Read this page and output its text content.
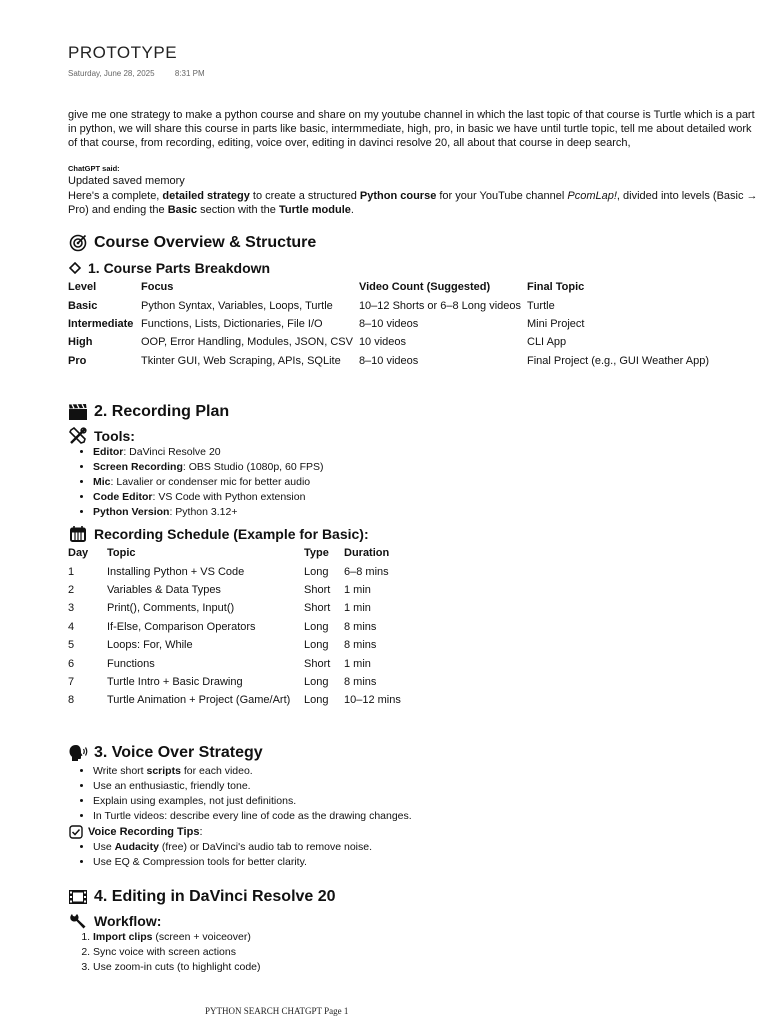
PROTOTYPE
Saturday, June 28, 2025	8:31 PM
give me one strategy to make a python course and share on my youtube channel in which the last topic of that course is Turtle which is a part in python, we will share this course in parts like basic, intermmediate, high, pro, in basic we have until turtle topic, tell me about detailed work of that course, from recording, editing, voice over, editing in davinci resolve 20, all about that course in deep search,
ChatGPT said:
Updated saved memory
Here's a complete, detailed strategy to create a structured Python course for your YouTube channel PcomLap!, divided into levels (Basic → Pro) and ending the Basic section with the Turtle module.
Course Overview & Structure
1. Course Parts Breakdown
Level	Focus	Video Count (Suggested)	Final Topic
Basic	Python Syntax, Variables, Loops, Turtle	10–12 Shorts or 6–8 Long videos	Turtle
Intermediate	Functions, Lists, Dictionaries, File I/O	8–10 videos	Mini Project
High	OOP, Error Handling, Modules, JSON, CSV	10 videos	CLI App
Pro	Tkinter GUI, Web Scraping, APIs, SQLite	8–10 videos	Final Project (e.g., GUI Weather App)
2. Recording Plan
Tools:
• Editor: DaVinci Resolve 20
• Screen Recording: OBS Studio (1080p, 60 FPS)
• Mic: Lavalier or condenser mic for better audio
• Code Editor: VS Code with Python extension
• Python Version: Python 3.12+
Recording Schedule (Example for Basic):
Day	Topic	Type	Duration
1	Installing Python + VS Code	Long	6–8 mins
2	Variables & Data Types	Short	1 min
3	Print(), Comments, Input()	Short	1 min
4	If-Else, Comparison Operators	Long	8 mins
5	Loops: For, While	Long	8 mins
6	Functions	Short	1 min
7	Turtle Intro + Basic Drawing	Long	8 mins
8	Turtle Animation + Project (Game/Art)	Long	10–12 mins
3. Voice Over Strategy
• Write short scripts for each video.
• Use an enthusiastic, friendly tone.
• Explain using examples, not just definitions.
• In Turtle videos: describe every line of code as the drawing changes.
Voice Recording Tips:
• Use Audacity (free) or DaVinci's audio tab to remove noise.
• Use EQ & Compression tools for better clarity.
4. Editing in DaVinci Resolve 20
Workflow:
1. Import clips (screen + voiceover)
2. Sync voice with screen actions
3. Use zoom-in cuts (to highlight code)
PYTHON SEARCH CHATGPT Page 1
